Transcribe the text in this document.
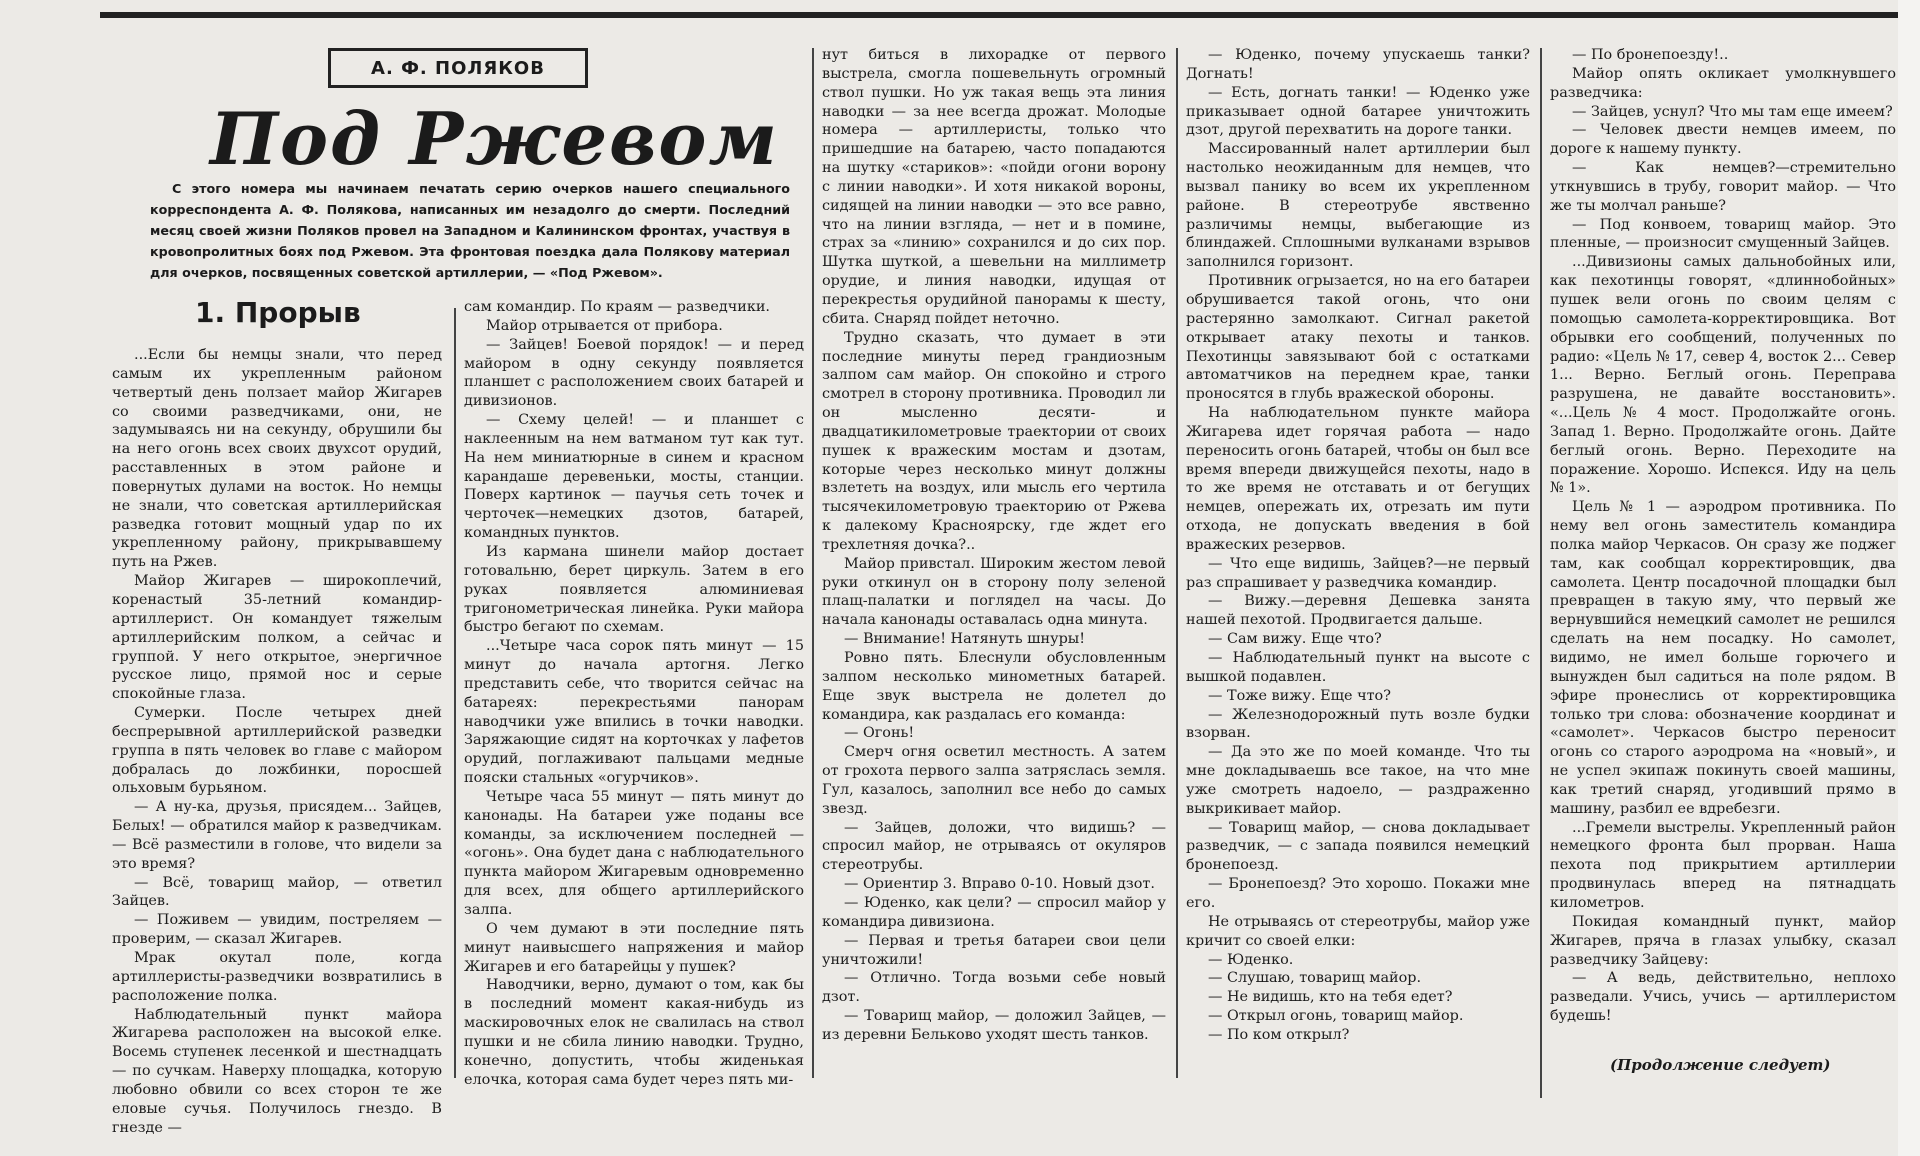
А. Ф. ПОЛЯКОВ
Под Ржевом

С этого номера мы начинаем печатать серию очерков нашего специального корреспондента А. Ф. Полякова, написанных им незадолго до смерти. Последний месяц своей жизни Поляков провел на Западном и Калининском фронтах, участвуя в кровопролитных боях под Ржевом. Эта фронтовая поездка дала Полякову материал для очерков, посвященных советской артиллерии, — «Под Ржевом».

1. Прорыв

...Если бы немцы знали, что перед самым их укрепленным районом четвертый день ползает майор Жигарев со своими разведчиками, они, не задумываясь ни на секунду, обрушили бы на него огонь всех своих двухсот орудий, расставленных в этом районе и повернутых дулами на восток. Но немцы не знали, что советская артиллерийская разведка готовит мощный удар по их укрепленному району, прикрывавшему путь на Ржев.

Майор Жигарев — широкоплечий, коренастый 35-летний командир-артиллерист. Он командует тяжелым артиллерийским полком, а сейчас и группой. У него открытое, энергичное русское лицо, прямой нос и серые спокойные глаза.

Сумерки. После четырех дней беспрерывной артиллерийской разведки группа в пять человек во главе с майором добралась до ложбинки, поросшей ольховым бурьяном.

— А ну-ка, друзья, присядем... Зайцев, Белых! — обратился майор к разведчикам. — Всё разместили в голове, что видели за это время?

— Всё, товарищ майор, — ответил Зайцев.

— Поживем — увидим, постреляем — проверим, — сказал Жигарев.

Мрак окутал поле, когда артиллеристы-разведчики возвратились в расположение полка.

Наблюдательный пункт майора Жигарева расположен на высокой елке. Восемь ступенек лесенкой и шестнадцать — по сучкам. Наверху площадка, которую любовно обвили со всех сторон те же еловые сучья. Получилось гнездо. В гнезде —

сам командир. По краям — разведчики.

Майор отрывается от прибора.

— Зайцев! Боевой порядок! — и перед майором в одну секунду появляется планшет с расположением своих батарей и дивизионов.

— Схему целей! — и планшет с наклеенным на нем ватманом тут как тут. На нем миниатюрные в синем и красном карандаше деревеньки, мосты, станции. Поверх картинок — паучья сеть точек и черточек—немецких дзотов, батарей, командных пунктов.

Из кармана шинели майор достает готовальню, берет циркуль. Затем в его руках появляется алюминиевая тригонометрическая линейка. Руки майора быстро бегают по схемам.

...Четыре часа сорок пять минут — 15 минут до начала артогня. Легко представить себе, что творится сейчас на батареях: перекрестьями панорам наводчики уже впились в точки наводки. Заряжающие сидят на корточках у лафетов орудий, поглаживают пальцами медные пояски стальных «огурчиков».

Четыре часа 55 минут — пять минут до канонады. На батареи уже поданы все команды, за исключением последней — «огонь». Она будет дана с наблюдательного пункта майором Жигаревым одновременно для всех, для общего артиллерийского залпа.

О чем думают в эти последние пять минут наивысшего напряжения и майор Жигарев и его батарейцы у пушек?

Наводчики, верно, думают о том, как бы в последний момент какая-нибудь из маскировочных елок не свалилась на ствол пушки и не сбила линию наводки. Трудно, конечно, допустить, чтобы жиденькая елочка, которая сама будет через пять ми-

нут биться в лихорадке от первого выстрела, смогла пошевельнуть огромный ствол пушки. Но уж такая вещь эта линия наводки — за нее всегда дрожат. Молодые номера — артиллеристы, только что пришедшие на батарею, часто попадаются на шутку «стариков»: «пойди огони ворону с линии наводки». И хотя никакой вороны, сидящей на линии наводки — это все равно, что на линии взгляда, — нет и в помине, страх за «линию» сохранился и до сих пор. Шутка шуткой, а шевельни на миллиметр орудие, и линия наводки, идущая от перекрестья орудийной панорамы к шесту, сбита. Снаряд пойдет неточно.

Трудно сказать, что думает в эти последние минуты перед грандиозным залпом сам майор. Он спокойно и строго смотрел в сторону противника. Проводил ли он мысленно десяти- и двадцатикилометровые траектории от своих пушек к вражеским мостам и дзотам, которые через несколько минут должны взлететь на воздух, или мысль его чертила тысячекилометровую траекторию от Ржева к далекому Красноярску, где ждет его трехлетняя дочка?..

Майор привстал. Широким жестом левой руки откинул он в сторону полу зеленой плащ-палатки и поглядел на часы. До начала канонады оставалась одна минута.

— Внимание! Натянуть шнуры!

Ровно пять. Блеснули обусловленным залпом несколько минометных батарей. Еще звук выстрела не долетел до командира, как раздалась его команда:

— Огонь!

Смерч огня осветил местность. А затем от грохота первого залпа затряслась земля. Гул, казалось, заполнил все небо до самых звезд.

— Зайцев, доложи, что видишь? — спросил майор, не отрываясь от окуляров стереотрубы.

— Ориентир 3. Вправо 0-10. Новый дзот.

— Юденко, как цели? — спросил майор у командира дивизиона.

— Первая и третья батареи свои цели уничтожили!

— Отлично. Тогда возьми себе новый дзот.

— Товарищ майор, — доложил Зайцев, — из деревни Бельково уходят шесть танков.

— Юденко, почему упускаешь танки? Догнать!

— Есть, догнать танки! — Юденко уже приказывает одной батарее уничтожить дзот, другой перехватить на дороге танки.

Массированный налет артиллерии был настолько неожиданным для немцев, что вызвал панику во всем их укрепленном районе. В стереотрубе явственно различимы немцы, выбегающие из блиндажей. Сплошными вулканами взрывов заполнился горизонт.

Противник огрызается, но на его батареи обрушивается такой огонь, что они растерянно замолкают. Сигнал ракетой открывает атаку пехоты и танков. Пехотинцы завязывают бой с остатками автоматчиков на переднем крае, танки проносятся в глубь вражеской обороны.

На наблюдательном пункте майора Жигарева идет горячая работа — надо переносить огонь батарей, чтобы он был все время впереди движущейся пехоты, надо в то же время не отставать и от бегущих немцев, опережать их, отрезать им пути отхода, не допускать введения в бой вражеских резервов.

— Что еще видишь, Зайцев?—не первый раз спрашивает у разведчика командир.

— Вижу.—деревня Дешевка занята нашей пехотой. Продвигается дальше.

— Сам вижу. Еще что?

— Наблюдательный пункт на высоте с вышкой подавлен.

— Тоже вижу. Еще что?

— Железнодорожный путь возле будки взорван.

— Да это же по моей команде. Что ты мне докладываешь все такое, на что мне уже смотреть надоело, — раздраженно выкрикивает майор.

— Товарищ майор, — снова докладывает разведчик, — с запада появился немецкий бронепоезд.

— Бронепоезд? Это хорошо. Покажи мне его.

Не отрываясь от стереотрубы, майор уже кричит со своей елки:

— Юденко.

— Слушаю, товарищ майор.

— Не видишь, кто на тебя едет?

— Открыл огонь, товарищ майор.

— По ком открыл?

— По бронепоезду!..

Майор опять окликает умолкнувшего разведчика:

— Зайцев, уснул? Что мы там еще имеем?

— Человек двести немцев имеем, по дороге к нашему пункту.

— Как немцев?—стремительно уткнувшись в трубу, говорит майор. — Что же ты молчал раньше?

— Под конвоем, товарищ майор. Это пленные, — произносит смущенный Зайцев.

...Дивизионы самых дальнобойных или, как пехотинцы говорят, «длиннобойных» пушек вели огонь по своим целям с помощью самолета-корректировщика. Вот обрывки его сообщений, полученных по радио: «Цель № 17, север 4, восток 2... Север 1... Верно. Беглый огонь. Переправа разрушена, не давайте восстановить». «...Цель № 4 мост. Продолжайте огонь. Запад 1. Верно. Продолжайте огонь. Дайте беглый огонь. Верно. Переходите на поражение. Хорошо. Испекся. Иду на цель № 1».

Цель № 1 — аэродром противника. По нему вел огонь заместитель командира полка майор Черкасов. Он сразу же поджег там, как сообщал корректировщик, два самолета. Центр посадочной площадки был превращен в такую яму, что первый же вернувшийся немецкий самолет не решился сделать на нем посадку. Но самолет, видимо, не имел больше горючего и вынужден был садиться на поле рядом. В эфире пронеслись от корректировщика только три слова: обозначение координат и «самолет». Черкасов быстро переносит огонь со старого аэродрома на «новый», и не успел экипаж покинуть своей машины, как третий снаряд, угодивший прямо в машину, разбил ее вдребезги.

...Гремели выстрелы. Укрепленный район немецкого фронта был прорван. Наша пехота под прикрытием артиллерии продвинулась вперед на пятнадцать километров.

Покидая командный пункт, майор Жигарев, пряча в глазах улыбку, сказал разведчику Зайцеву:

— А ведь, действительно, неплохо разведали. Учись, учись — артиллеристом будешь!

(Продолжение следует)
